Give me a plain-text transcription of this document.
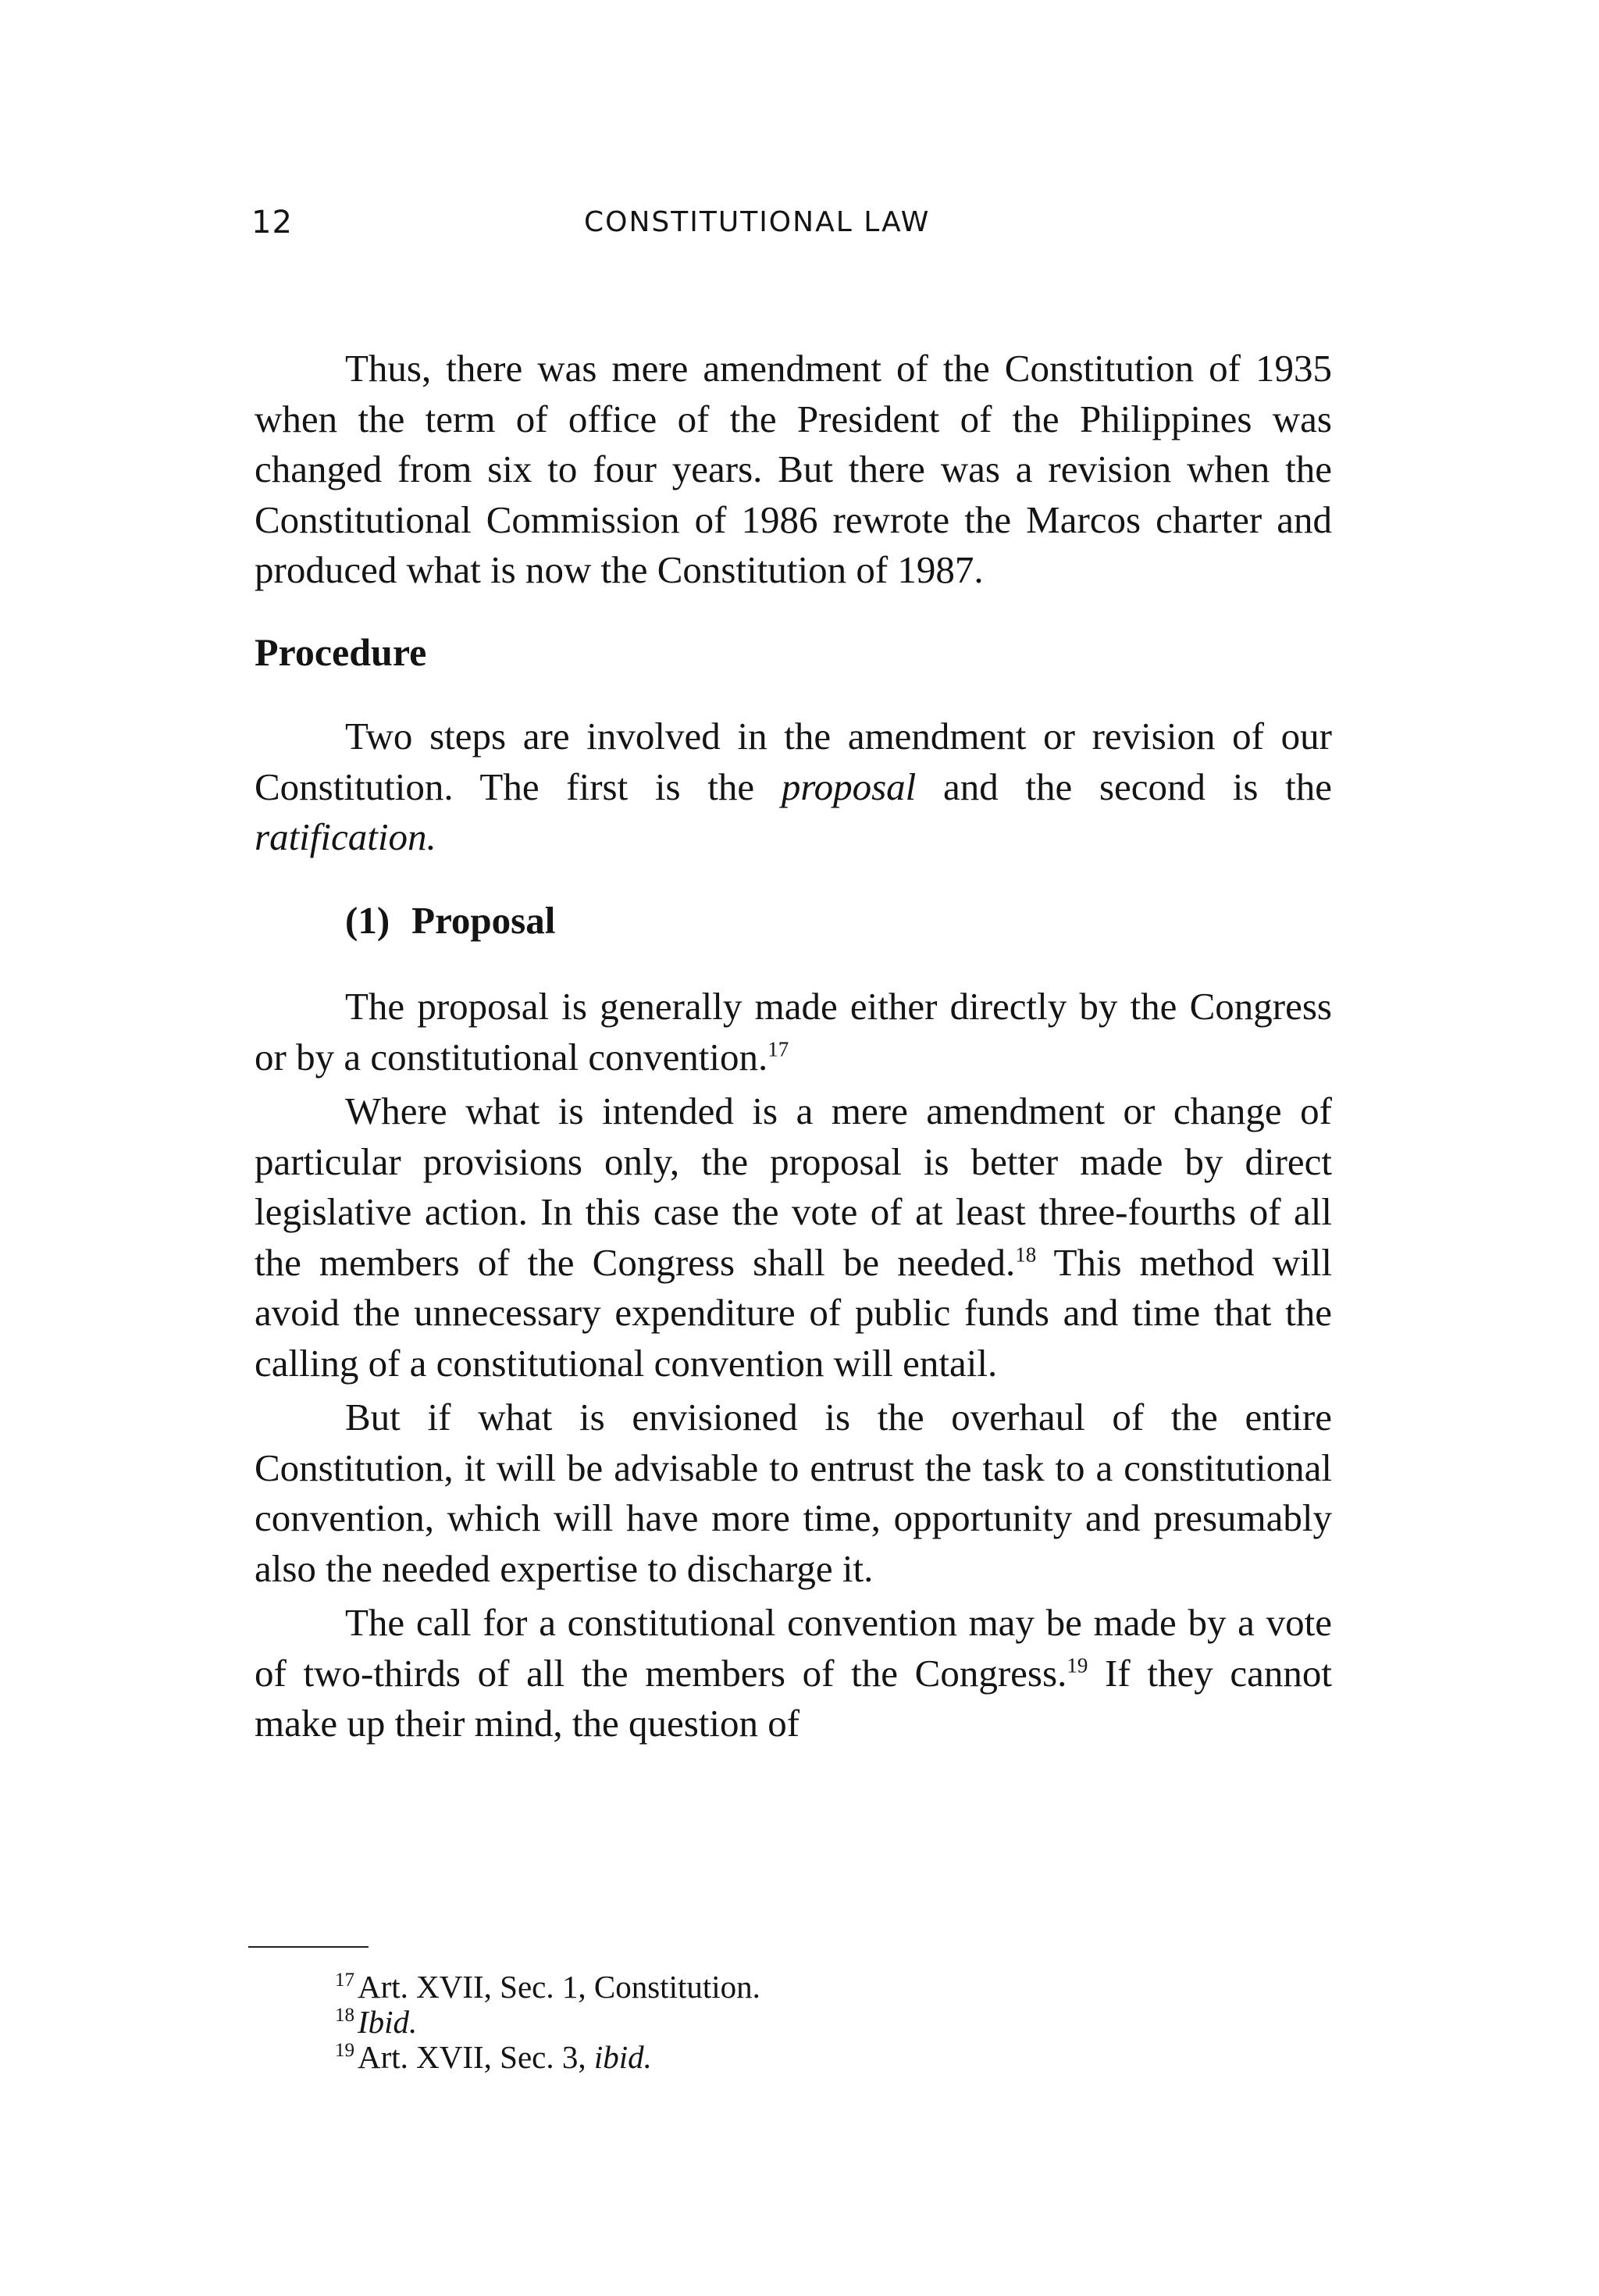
12	CONSTITUTIONAL LAW

Thus, there was mere amendment of the Constitution of 1935 when the term of office of the President of the Philippines was changed from six to four years. But there was a revision when the Constitutional Commission of 1986 rewrote the Marcos charter and produced what is now the Constitution of 1987.

Procedure

Two steps are involved in the amendment or revision of our Constitution. The first is the proposal and the second is the ratification.

(1) Proposal

The proposal is generally made either directly by the Congress or by a constitutional convention.$^{17}$

Where what is intended is a mere amendment or change of particular provisions only, the proposal is better made by direct legislative action. In this case the vote of at least three-fourths of all the members of the Congress shall be needed.$^{18}$ This method will avoid the unnecessary expenditure of public funds and time that the calling of a constitutional convention will entail.

But if what is envisioned is the overhaul of the entire Constitution, it will be advisable to entrust the task to a constitutional convention, which will have more time, opportunity and presumably also the needed expertise to discharge it.

The call for a constitutional convention may be made by a vote of two-thirds of all the members of the Congress.$^{19}$ If they cannot make up their mind, the question of

$^{17}$Art. XVII, Sec. 1, Constitution.
$^{18}$Ibid.
$^{19}$Art. XVII, Sec. 3, ibid.
